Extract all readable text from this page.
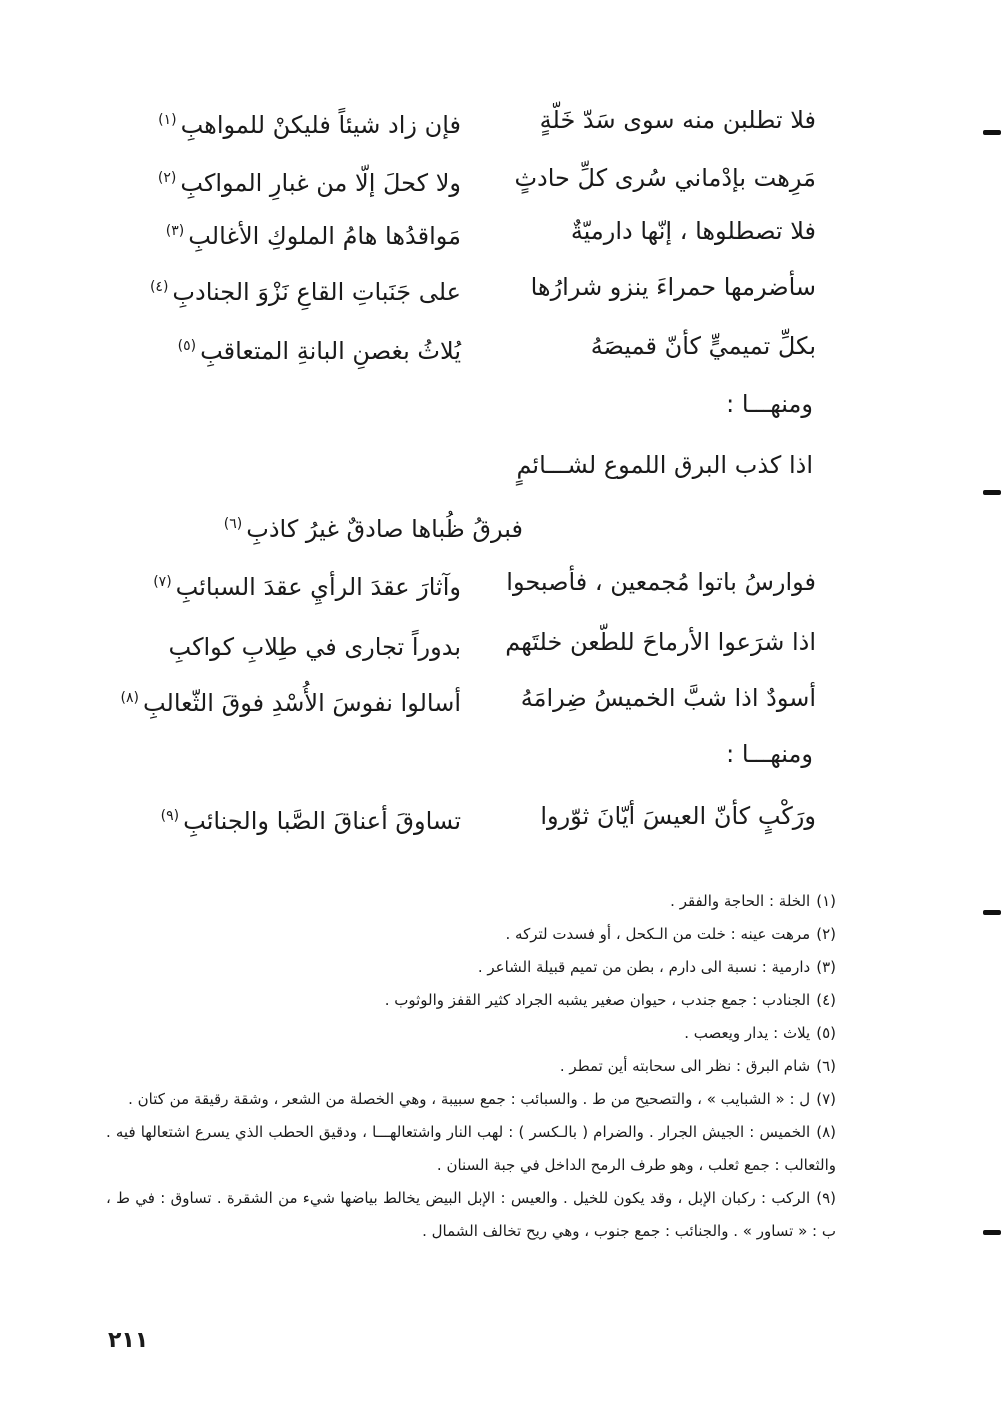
فلا تطلبن منه سوى سَدّ خَلّةٍ
فإن زاد شيئاً فليكنْ للمواهبِ$^{(١)}$
مَرِهت بإدْماني سُرى كلِّ حادثٍ
ولا كحلَ إلّا من غبارِ المواكبِ$^{(٢)}$
فلا تصطلوها ، إنّها دارميّةٌ
مَواقدُها هامُ الملوكِ الأغالبِ$^{(٣)}$
سأضرمها حمراءَ ينزو شرارُها
على جَنَباتِ القاعِ نَزْوَ الجنادبِ$^{(٤)}$
بكلِّ تميميٍّ كأنّ قميصَهُ
يُلاثُ بغصنِ البانةِ المتعاقبِ$^{(٥)}$
ومنهـــا :
اذا كذب البرق اللموع لشـــائمٍ
فبرقُ ظُباها صادقٌ غيرُ كاذبِ$^{(٦)}$
فوارسُ باتوا مُجمعين ، فأصبحوا
وآثارَ عقدَ الرأيِ عقدَ السبائبِ$^{(٧)}$
اذا شرَعوا الأرماحَ للطّعن خلتَهم
بدوراً تجارى في طِلابِ كواكبِ
أسودٌ اذا شبَّ الخميسُ ضِرامَهُ
أسالوا نفوسَ الأُسْدِ فوقَ الثّعالبِ$^{(٨)}$
ومنهـــا :
ورَكْبٍ كأنّ العيسَ أيّانَ ثوّروا
تساوقَ أعناقَ الصَّبا والجنائبِ$^{(٩)}$

(١)الخلة : الحاجة والفقر .

(٢)مرهت عينه : خلت من الـكحل ، أو فسدت لتركه .

(٣)دارمية : نسبة الى دارم ، بطن من تميم قبيلة الشاعر .

(٤)الجنادب : جمع جندب ، حيوان صغير يشبه الجراد كثير القفز والوثوب .

(٥)يلاث : يدار ويعصب .

(٦)شام البرق : نظر الى سحابته أين تمطر .

(٧)ل : « الشبايب » ، والتصحيح من ط . والسبائب : جمع سبيبة ، وهي الخصلة من الشعر ، وشقة رقيقة من كتان .

(٨)الخميس : الجيش الجرار . والضرام ( بالـكسر ) : لهب النار واشتعالهـــا ، ودقيق الحطب الذي يسرع اشتعالها فيه . والثعالب : جمع ثعلب ، وهو طرف الرمح الداخل في جبة السنان .

(٩)الركب : ركبان الإبل ، وقد يكون للخيل . والعيس : الإبل البيض يخالط بياضها شيء من الشقرة . تساوق : في ط ، ب : « تساور » . والجنائب : جمع جنوب ، وهي ريح تخالف الشمال .

٢١١
